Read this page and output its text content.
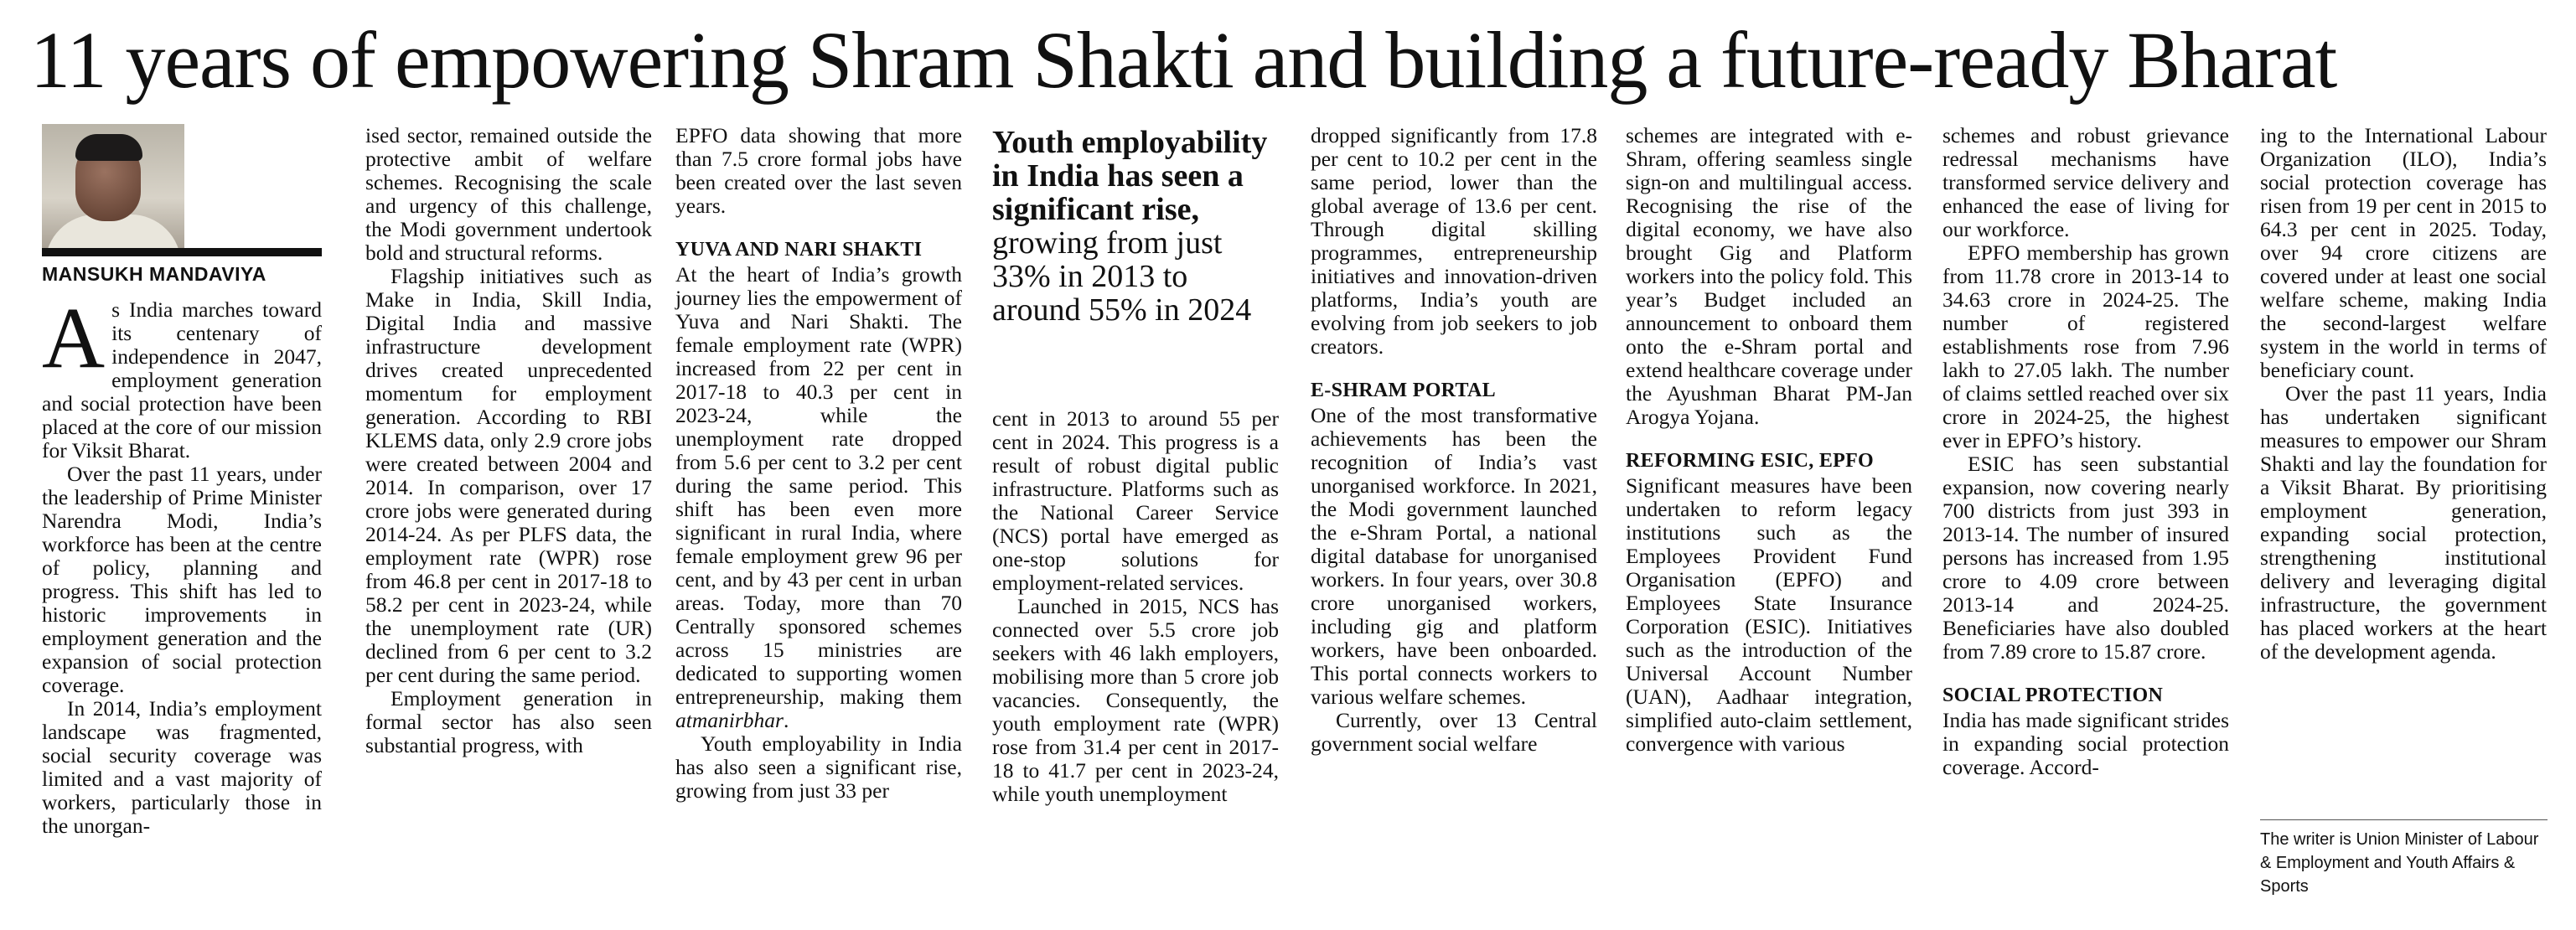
11 years of empowering Shram Shakti and building a future-ready Bharat
MANSUKH MANDAVIYA

As India marches toward its centenary of independence in 2047, employment generation and social protection have been placed at the core of our mission for Viksit Bharat.

Over the past 11 years, under the leadership of Prime Minister Narendra Modi, India’s workforce has been at the centre of policy, planning and progress. This shift has led to historic improvements in employment generation and the expansion of social protection coverage.

In 2014, India’s employment landscape was fragmented, social security coverage was limited and a vast majority of workers, particularly those in the unorgan-

ised sector, remained outside the protective ambit of welfare schemes. Recognising the scale and urgency of this challenge, the Modi government undertook bold and structural reforms.

Flagship initiatives such as Make in India, Skill India, Digital India and massive infrastructure development drives created unprecedented momentum for employment generation. According to RBI KLEMS data, only 2.9 crore jobs were created between 2004 and 2014. In comparison, over 17 crore jobs were generated during 2014-24. As per PLFS data, the employment rate (WPR) rose from 46.8 per cent in 2017-18 to 58.2 per cent in 2023-24, while the unemployment rate (UR) declined from 6 per cent to 3.2 per cent during the same period.

Employment generation in formal sector has also seen substantial progress, with

EPFO data showing that more than 7.5 crore formal jobs have been created over the last seven years.

YUVA AND NARI SHAKTI

At the heart of India’s growth journey lies the empowerment of Yuva and Nari Shakti. The female employment rate (WPR) increased from 22 per cent in 2017-18 to 40.3 per cent in 2023-24, while the unemployment rate dropped from 5.6 per cent to 3.2 per cent during the same period. This shift has been even more significant in rural India, where female employment grew 96 per cent, and by 43 per cent in urban areas. Today, more than 70 Centrally sponsored schemes across 15 ministries are dedicated to supporting women entrepreneurship, making them atmanirbhar.

Youth employability in India has also seen a significant rise, growing from just 33 per

Youth employability in India has seen a significant rise,

growing from just 33% in 2013 to around 55% in 2024

cent in 2013 to around 55 per cent in 2024. This progress is a result of robust digital public infrastructure. Platforms such as the National Career Service (NCS) portal have emerged as one-stop solutions for employment-related services.

Launched in 2015, NCS has connected over 5.5 crore job seekers with 46 lakh employers, mobilising more than 5 crore job vacancies. Consequently, the youth employment rate (WPR) rose from 31.4 per cent in 2017-18 to 41.7 per cent in 2023-24, while youth unemployment

dropped significantly from 17.8 per cent to 10.2 per cent in the same period, lower than the global average of 13.6 per cent. Through digital skilling programmes, entrepreneurship initiatives and innovation-driven platforms, India’s youth are evolving from job seekers to job creators.

E-SHRAM PORTAL

One of the most transformative achievements has been the recognition of India’s vast unorganised workforce. In 2021, the Modi government launched the e-Shram Portal, a national digital database for unorganised workers. In four years, over 30.8 crore unorganised workers, including gig and platform workers, have been onboarded. This portal connects workers to various welfare schemes.

Currently, over 13 Central government social welfare

schemes are integrated with e-Shram, offering seamless single sign-on and multilingual access. Recognising the rise of the digital economy, we have also brought Gig and Platform workers into the policy fold. This year’s Budget included an announcement to onboard them onto the e-Shram portal and extend healthcare coverage under the Ayushman Bharat PM-Jan Arogya Yojana.

REFORMING ESIC, EPFO

Significant measures have been undertaken to reform legacy institutions such as the Employees Provident Fund Organisation (EPFO) and Employees State Insurance Corporation (ESIC). Initiatives such as the introduction of the Universal Account Number (UAN), Aadhaar integration, simplified auto-claim settlement, convergence with various

schemes and robust grievance redressal mechanisms have transformed service delivery and enhanced the ease of living for our workforce.

EPFO membership has grown from 11.78 crore in 2013-14 to 34.63 crore in 2024-25. The number of registered establishments rose from 7.96 lakh to 27.05 lakh. The number of claims settled reached over six crore in 2024-25, the highest ever in EPFO’s history.

ESIC has seen substantial expansion, now covering nearly 700 districts from just 393 in 2013-14. The number of insured persons has increased from 1.95 crore to 4.09 crore between 2013-14 and 2024-25. Beneficiaries have also doubled from 7.89 crore to 15.87 crore.

SOCIAL PROTECTION

India has made significant strides in expanding social protection coverage. Accord-

ing to the International Labour Organization (ILO), India’s social protection coverage has risen from 19 per cent in 2015 to 64.3 per cent in 2025. Today, over 94 crore citizens are covered under at least one social welfare scheme, making India the second-largest welfare system in the world in terms of beneficiary count.

Over the past 11 years, India has undertaken significant measures to empower our Shram Shakti and lay the foundation for a Viksit Bharat. By prioritising employment generation, expanding social protection, strengthening institutional delivery and leveraging digital infrastructure, the government has placed workers at the heart of the development agenda.

The writer is Union Minister of Labour & Employment and Youth Affairs & Sports
